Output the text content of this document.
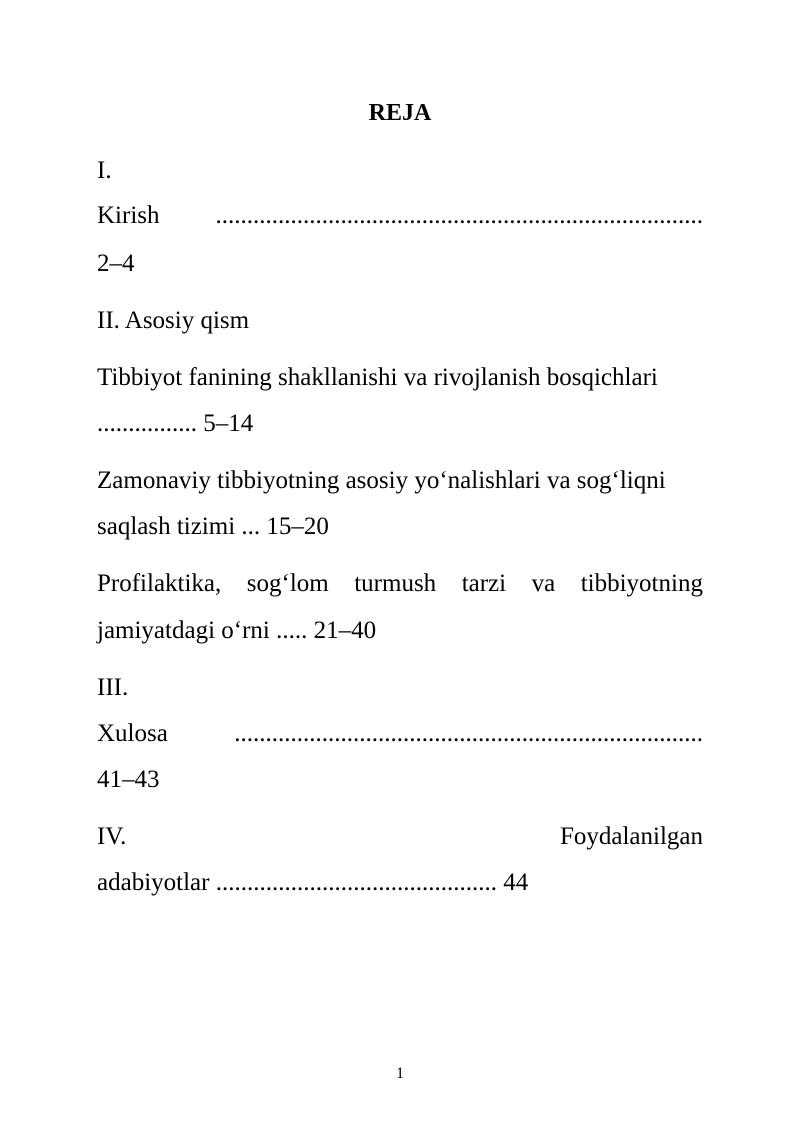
REJA
I.
Kirish ..............................................................................
2–4
II. Asosiy qism
Tibbiyot fanining shakllanishi va rivojlanish bosqichlari
................ 5–14
Zamonaviy tibbiyotning asosiy yo‘nalishlari va sog‘liqni
saqlash tizimi ... 15–20
Profilaktika, sog‘lom turmush tarzi va tibbiyotning
jamiyatdagi o‘rni ..... 21–40
III.
Xulosa	...........................................................................
41–43
IV.	Foydalanilgan
adabiyotlar ............................................. 44
1
